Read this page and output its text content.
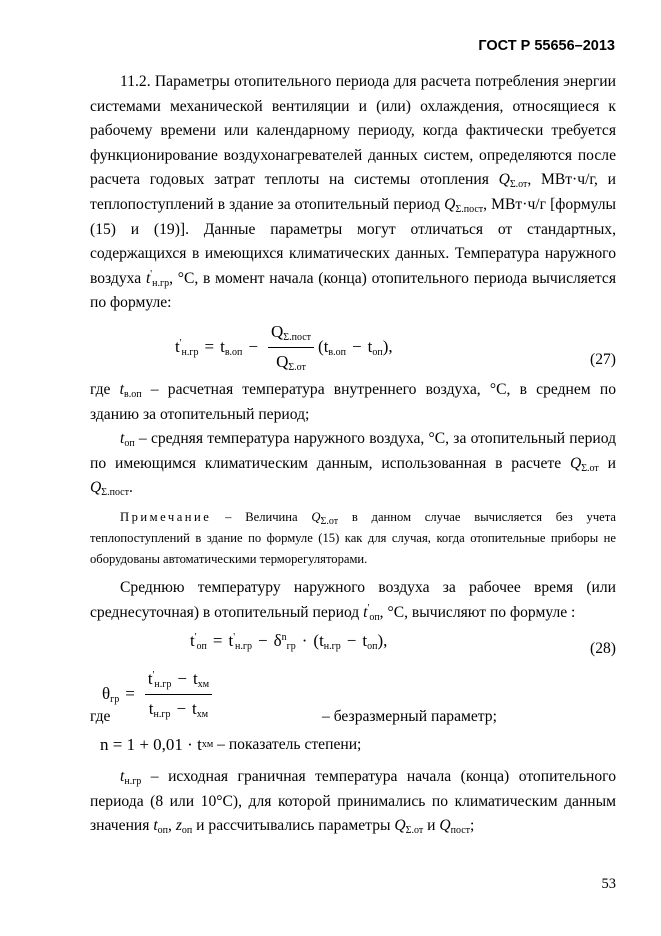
ГОСТ Р 55656–2013

11.2. Параметры отопительного периода для расчета потребления энергии системами механической вентиляции и (или) охлаждения, относящиеся к рабочему времени или календарному периоду, когда фактически требуется функционирование воздухонагревателей данных систем, определяются после расчета годовых затрат теплоты на системы отопления $Q_{\Sigma.от}$, МВт·ч/г, и теплопоступлений в здание за отопительный период $Q_{\Sigma.пост}$, МВт·ч/г [формулы (15) и (19)]. Данные параметры могут отличаться от стандартных, содержащихся в имеющихся климатических данных. Температура наружного воздуха $t'_{н.гр}$, °С, в момент начала (конца) отопительного периода вычисляется по формуле:

$t'_{н.гр} = t_{в.оп} - \frac{Q_{\Sigma.пост}}{Q_{\Sigma.от}} (t_{в.оп} - t_{оп})$,
(27)

где $t_{в.оп}$ – расчетная температура внутреннего воздуха, °С, в среднем по зданию за отопительный период;

$t_{оп}$ – средняя температура наружного воздуха, °С, за отопительный период по имеющимся климатическим данным, использованная в расчете $Q_{\Sigma.от}$ и $Q_{\Sigma.пост}$.

Примечание – Величина $Q_{\Sigma.от}$ в данном случае вычисляется без учета теплопоступлений в здание по формуле (15) как для случая, когда отопительные приборы не оборудованы автоматическими терморегуляторами.

Среднюю температуру наружного воздуха за рабочее время (или среднесуточная) в отопительный период $t'_{оп}$, °С, вычисляют по формуле :

$t'_{оп} = t'_{н.гр} - \delta^n_{гр} \cdot (t_{н.гр} - t_{оп})$,	(28)
$\theta_{гр} = \frac{t'_{н.гр} - t_{хм}}{t_{н.гр} - t_{хм}}$
где	– безразмерный параметр;
n = 1 + 0,01 · t хм – показатель степени;

$t_{н.гр}$ – исходная граничная температура начала (конца) отопительного периода (8 или 10°С), для которой принимались по климатическим данным значения $t_{оп}$, $z_{оп}$ и рассчитывались параметры $Q_{\Sigma.от}$ и $Q_{пост}$;

53
